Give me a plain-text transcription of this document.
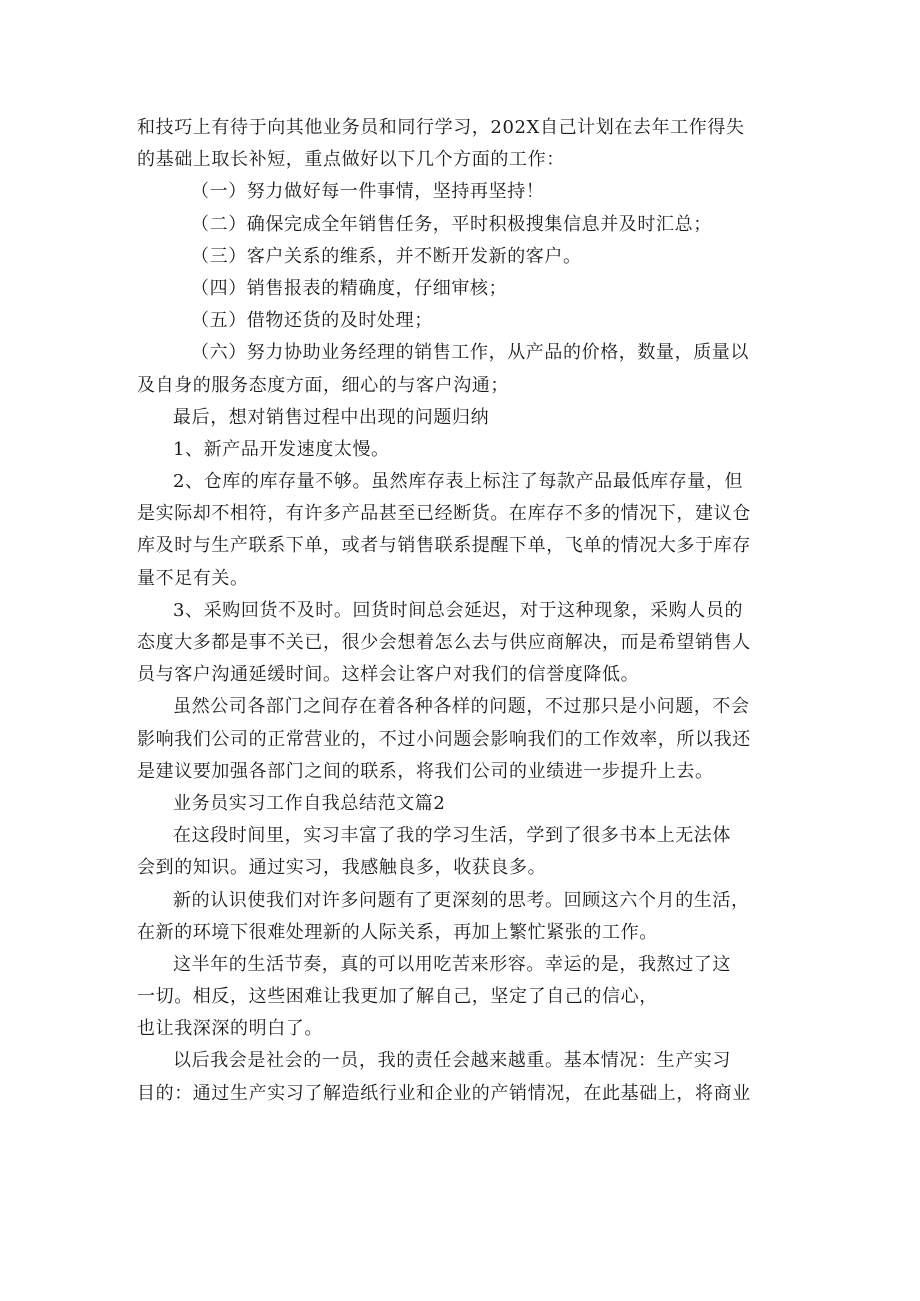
和技巧上有待于向其他业务员和同行学习，202X自己计划在去年工作得失
的基础上取长补短，重点做好以下几个方面的工作：
（一）努力做好每一件事情，坚持再坚持！
（二）确保完成全年销售任务，平时积极搜集信息并及时汇总；
（三）客户关系的维系，并不断开发新的客户。
（四）销售报表的精确度，仔细审核；
（五）借物还货的及时处理；
（六）努力协助业务经理的销售工作，从产品的价格，数量，质量以
及自身的服务态度方面，细心的与客户沟通；
最后，想对销售过程中出现的问题归纳
1、新产品开发速度太慢。
2、仓库的库存量不够。虽然库存表上标注了每款产品最低库存量，但
是实际却不相符，有许多产品甚至已经断货。在库存不多的情况下，建议仓
库及时与生产联系下单，或者与销售联系提醒下单，飞单的情况大多于库存
量不足有关。
3、采购回货不及时。回货时间总会延迟，对于这种现象，采购人员的
态度大多都是事不关已，很少会想着怎么去与供应商解决，而是希望销售人
员与客户沟通延缓时间。这样会让客户对我们的信誉度降低。
虽然公司各部门之间存在着各种各样的问题，不过那只是小问题，不会
影响我们公司的正常营业的，不过小问题会影响我们的工作效率，所以我还
是建议要加强各部门之间的联系，将我们公司的业绩进一步提升上去。
业务员实习工作自我总结范文篇2
在这段时间里，实习丰富了我的学习生活，学到了很多书本上无法体
会到的知识。通过实习，我感触良多，收获良多。
新的认识使我们对许多问题有了更深刻的思考。回顾这六个月的生活，
在新的环境下很难处理新的人际关系，再加上繁忙紧张的工作。
这半年的生活节奏，真的可以用吃苦来形容。幸运的是，我熬过了这
一切。相反，这些困难让我更加了解自己，坚定了自己的信心，
也让我深深的明白了。
以后我会是社会的一员，我的责任会越来越重。基本情况：生产实习
目的：通过生产实习了解造纸行业和企业的产销情况，在此基础上，将商业
